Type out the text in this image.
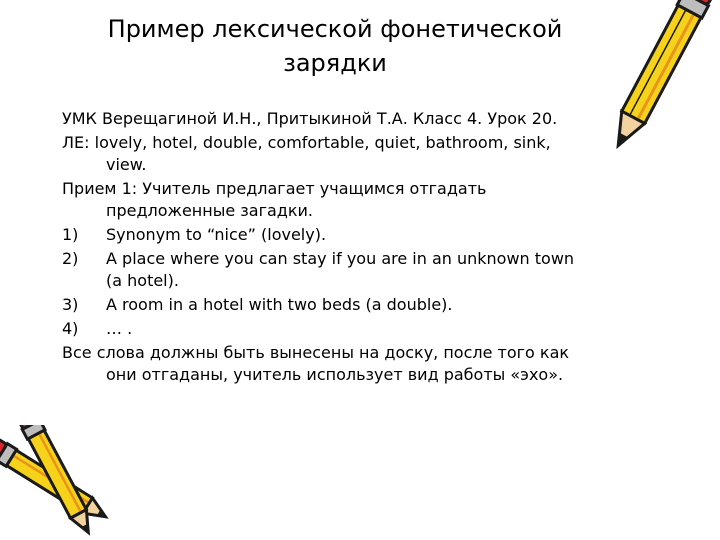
Пример лексической фонетической
зарядки
УМК Верещагиной И.Н., Притыкиной Т.А. Класс 4. Урок 20.
ЛЕ: lovely, hotel, double, comfortable, quiet, bathroom, sink,
view.
Прием 1: Учитель предлагает учащимся отгадать
предложенные загадки.
1) Synonym to “nice” (lovely).
2) A place where you can stay if you are in an unknown town
(a hotel).
3) A room in a hotel with two beds (a double).
4) … .
Все слова должны быть вынесены на доску, после того как
они отгаданы, учитель использует вид работы «эхо».
